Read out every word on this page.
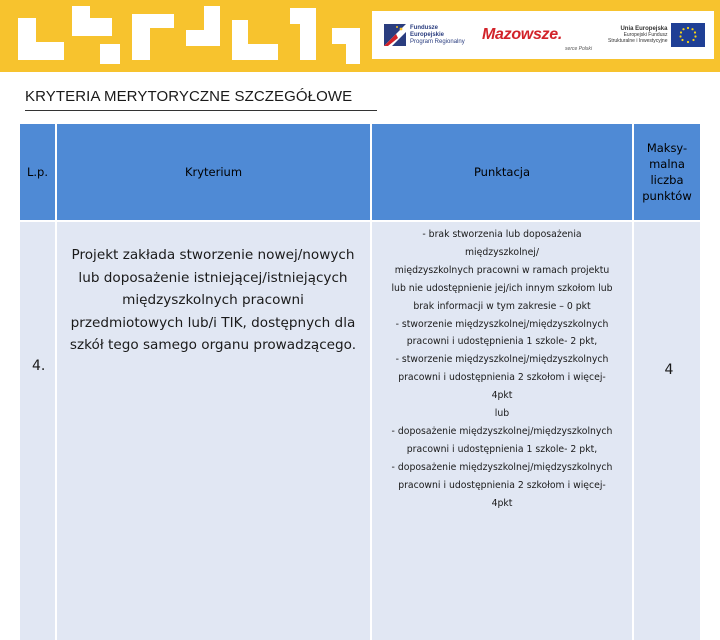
Fundusze
Europejskie
Program Regionalny Mazowsze.
serce Polski
Unia Europejska
Europejski Fundusz
Strukturalne i Inwestycyjne
KRYTERIA MERYTORYCZNE SZCZEGÓŁOWE
L.p.	Kryterium	Punktacja
Maksy-
malna
liczba
punktów
4.
Projekt zakłada stworzenie nowej/nowych
lub doposażenie istniejącej/istniejących
międzyszkolnych pracowni
przedmiotowych lub/i TIK, dostępnych dla
szkół tego samego organu prowadzącego.
- brak stworzenia lub doposażenia
międzyszkolnej/
międzyszkolnych pracowni w ramach projektu
lub nie udostępnienie jej/ich innym szkołom lub
brak informacji w tym zakresie – 0 pkt
- stworzenie międzyszkolnej/międzyszkolnych
pracowni i udostępnienia 1 szkole- 2 pkt,
- stworzenie międzyszkolnej/międzyszkolnych
pracowni i udostępnienia 2 szkołom i więcej-
4pkt
lub
- doposażenie międzyszkolnej/międzyszkolnych
pracowni i udostępnienia 1 szkole- 2 pkt,
- doposażenie międzyszkolnej/międzyszkolnych
pracowni i udostępnienia 2 szkołom i więcej-
4pkt
4
